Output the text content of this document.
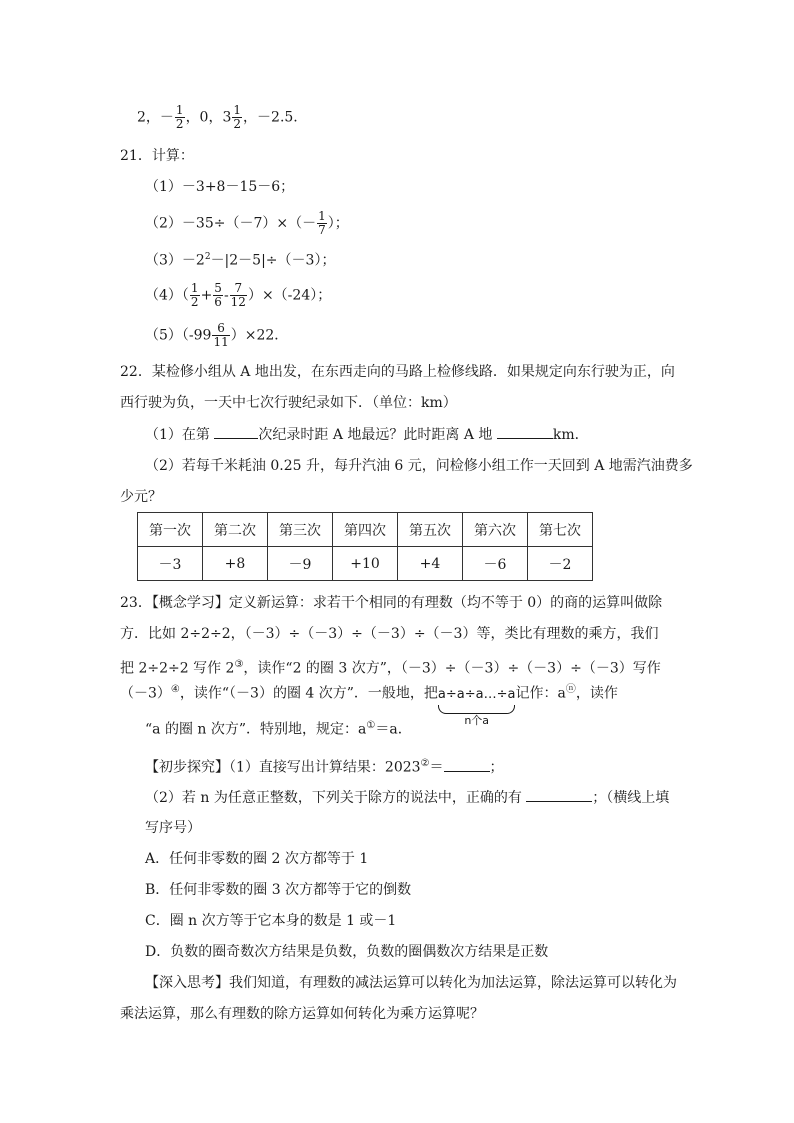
2，－ $\frac{1}{2}$ ，0，$3 \frac{1}{2}$ ，－2.5.
21．计算：
（1）－3+8－15－6；
$(2)-35\div(-7)\times(- \frac{1}{7}$ ）；
$(3)-2^2-|2-5|\div(-3)$；
$(4)( \frac{1}{2} + \frac{5}{6} - \frac{7}{12} )\times(-24)$；
$(5)(-99 \frac{6}{11} )\times 22$．
22．某检修小组从 A 地出发，在东西走向的马路上检修线路．如果规定向东行驶为正，向
西行驶为负，一天中七次行驶纪录如下．（单位：km）
（1）在第	次纪录时距 A 地最远？此时距离 A 地	km．
（2）若每千米耗油 0.25 升，每升汽油 6 元，问检修小组工作一天回到 A 地需汽油费多
少元？
第一次	第二次	第三次	第四次	第五次	第六次	第七次
－3	+8	－9	+10	+4	－6	－2
23．【概念学习】定义新运算：求若干个相同的有理数（均不等于 0）的商的运算叫做除
方．比如 2÷2÷2，（－3）÷（－3）÷（－3）÷（－3）等，类比有理数的乘方，我们
把 2÷2÷2 写作 2③，读作“2 的圈 3 次方”，（－3）÷（－3）÷（－3）÷（－3）写作
（－3）④，读作“（－3）的圈 4 次方”．一般地，把a÷a÷a…÷a
n个a
记作：aⓝ，读作
“a 的圈 n 次方”．特别地，规定：a①＝a．
【初步探究】（1）直接写出计算结果：2023②＝	；
（2）若 n 为任意正整数，下列关于除方的说法中，正确的有	；（横线上填
写序号）
A．任何非零数的圈 2 次方都等于 1
B．任何非零数的圈 3 次方都等于它的倒数
C．圈 n 次方等于它本身的数是 1 或－1
D．负数的圈奇数次方结果是负数，负数的圈偶数次方结果是正数
【深入思考】我们知道，有理数的减法运算可以转化为加法运算，除法运算可以转化为
乘法运算，那么有理数的除方运算如何转化为乘方运算呢？
